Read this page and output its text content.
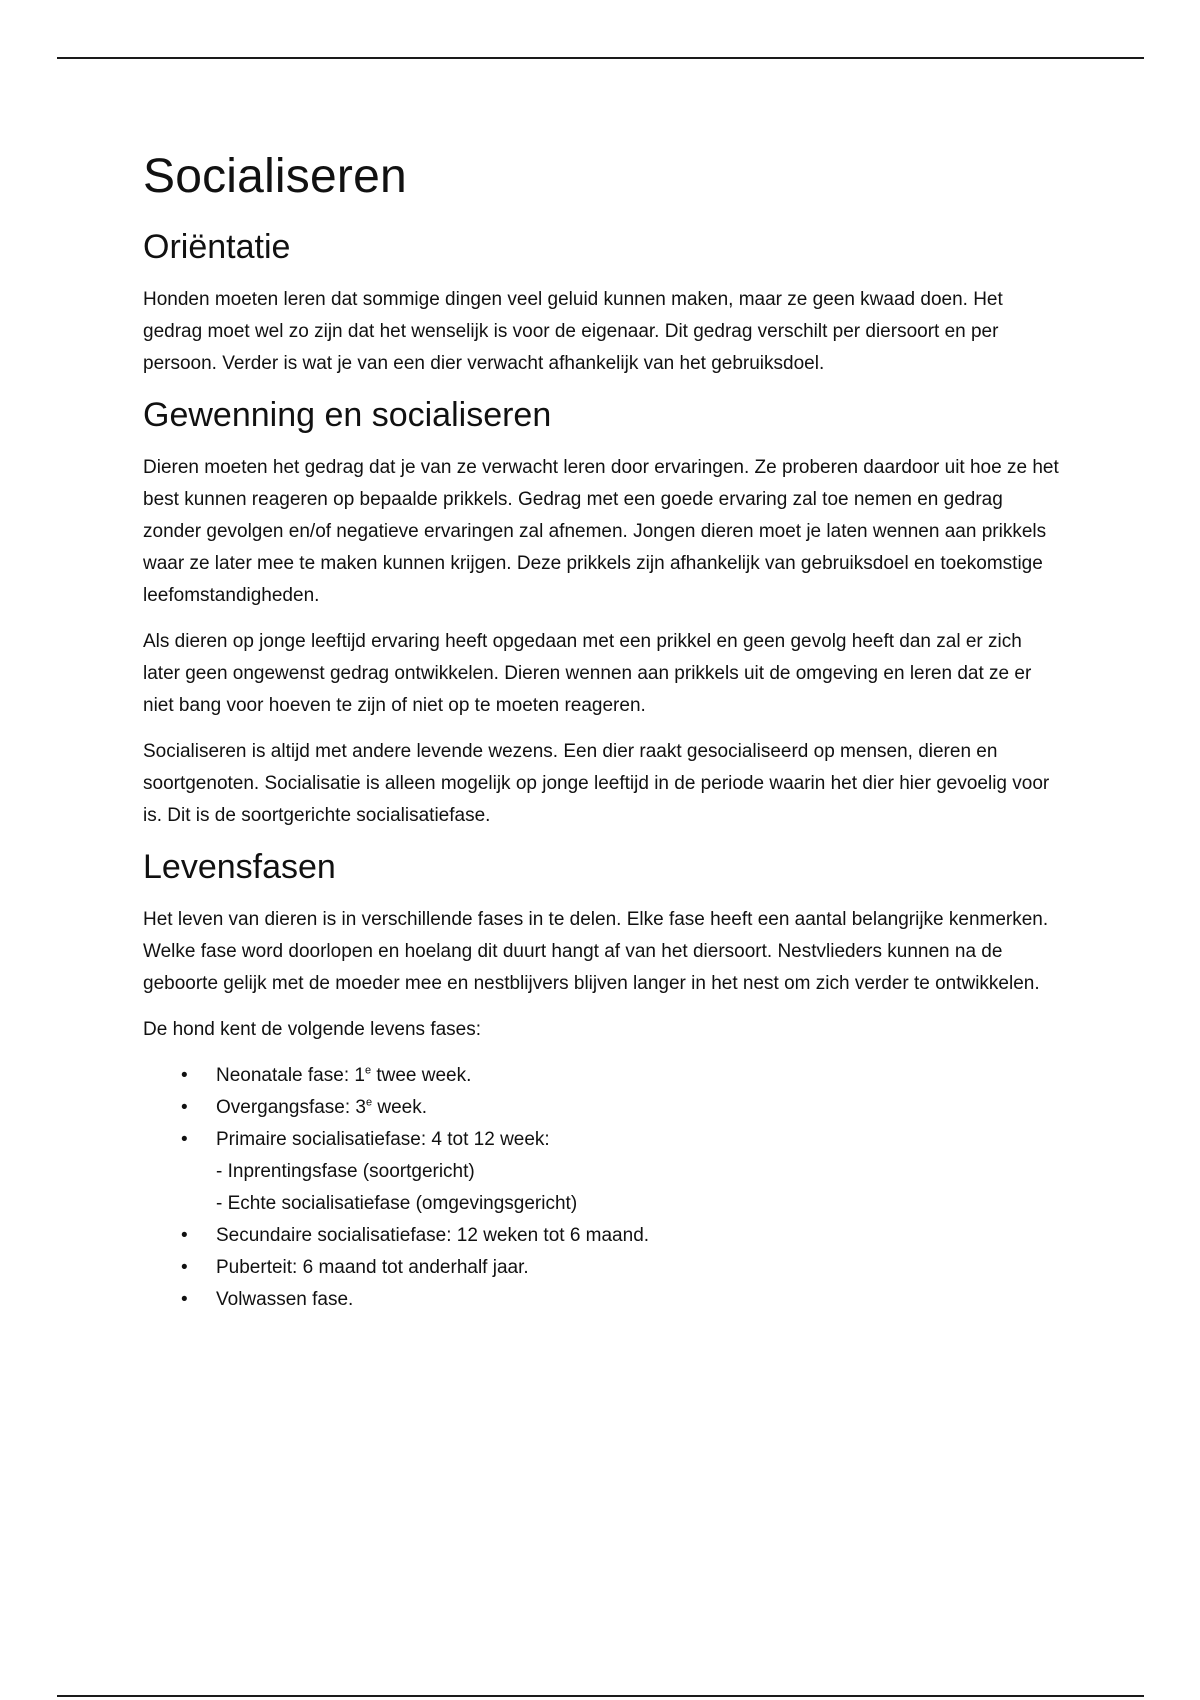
Socialiseren
Oriëntatie

Honden moeten leren dat sommige dingen veel geluid kunnen maken, maar ze geen kwaad doen. Het gedrag moet wel zo zijn dat het wenselijk is voor de eigenaar. Dit gedrag verschilt per diersoort en per persoon. Verder is wat je van een dier verwacht afhankelijk van het gebruiksdoel.

Gewenning en socialiseren

Dieren moeten het gedrag dat je van ze verwacht leren door ervaringen. Ze proberen daardoor uit hoe ze het best kunnen reageren op bepaalde prikkels. Gedrag met een goede ervaring zal toe nemen en gedrag zonder gevolgen en/of negatieve ervaringen zal afnemen. Jongen dieren moet je laten wennen aan prikkels waar ze later mee te maken kunnen krijgen. Deze prikkels zijn afhankelijk van gebruiksdoel en toekomstige leefomstandigheden.

Als dieren op jonge leeftijd ervaring heeft opgedaan met een prikkel en geen gevolg heeft dan zal er zich later geen ongewenst gedrag ontwikkelen. Dieren wennen aan prikkels uit de omgeving en leren dat ze er niet bang voor hoeven te zijn of niet op te moeten reageren.

Socialiseren is altijd met andere levende wezens. Een dier raakt gesocialiseerd op mensen, dieren en soortgenoten. Socialisatie is alleen mogelijk op jonge leeftijd in de periode waarin het dier hier gevoelig voor is. Dit is de soortgerichte socialisatiefase.

Levensfasen

Het leven van dieren is in verschillende fases in te delen. Elke fase heeft een aantal belangrijke kenmerken. Welke fase word doorlopen en hoelang dit duurt hangt af van het diersoort. Nestvlieders kunnen na de geboorte gelijk met de moeder mee en nestblijvers blijven langer in het nest om zich verder te ontwikkelen.

De hond kent de volgende levens fases:

• Neonatale fase: 1e twee week.
• Overgangsfase: 3e week.
• Primaire socialisatiefase: 4 tot 12 week:
- Inprentingsfase (soortgericht)
- Echte socialisatiefase (omgevingsgericht)
• Secundaire socialisatiefase: 12 weken tot 6 maand.
• Puberteit: 6 maand tot anderhalf jaar.
• Volwassen fase.
